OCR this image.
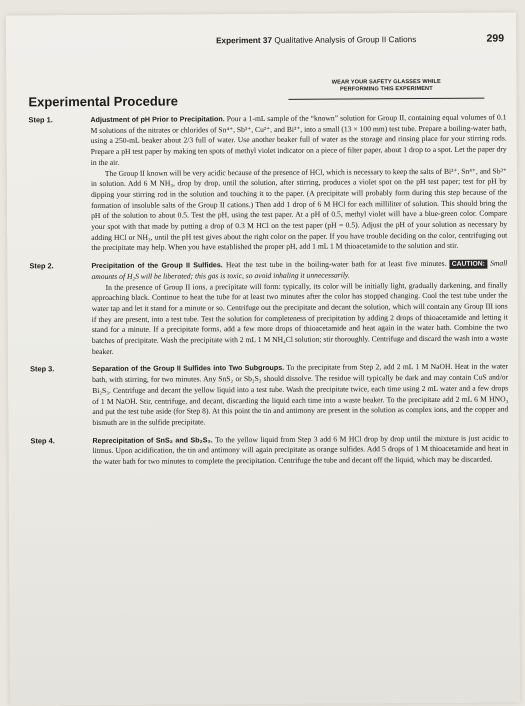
Experiment 37 Qualitative Analysis of Group II Cations	299
WEAR YOUR SAFETY GLASSES WHILE
PERFORMING THIS EXPERIMENT
Experimental Procedure
Step 1.	Adjustment of pH Prior to Precipitation. Pour a 1-mL sample of the “known” solution for Group II, containing equal volumes of 0.1 M solutions of the nitrates or chlorides of Sn⁴⁺, Sb³⁺, Cu²⁺, and Bi³⁺, into a small (13 × 100 mm) test tube. Prepare a boiling-water bath, using a 250-mL beaker about 2/3 full of water. Use another beaker full of water as the storage and rinsing place for your stirring rods. Prepare a pH test paper by making ten spots of methyl violet indicator on a piece of filter paper, about 1 drop to a spot. Let the paper dry in the air.

The Group II known will be very acidic because of the presence of HCl, which is necessary to keep the salts of Bi³⁺, Sn⁴⁺, and Sb³⁺ in solution. Add 6 M NH₃, drop by drop, until the solution, after stirring, produces a violet spot on the pH test paper; test for pH by dipping your stirring rod in the solution and touching it to the paper. (A precipitate will probably form during this step because of the formation of insoluble salts of the Group II cations.) Then add 1 drop of 6 M HCl for each milliliter of solution. This should bring the pH of the solution to about 0.5. Test the pH, using the test paper. At a pH of 0.5, methyl violet will have a blue-green color. Compare your spot with that made by putting a drop of 0.3 M HCl on the test paper (pH = 0.5). Adjust the pH of your solution as necessary by adding HCl or NH₃, until the pH test gives about the right color on the paper. If you have trouble deciding on the color, centrifuging out the precipitate may help. When you have established the proper pH, add 1 mL 1 M thioacetamide to the solution and stir.

Step 2.	Precipitation of the Group II Sulfides. Heat the test tube in the boiling-water bath for at least five minutes. CAUTION: Small amounts of H₂S will be liberated; this gas is toxic, so avoid inhaling it unnecessarily.

In the presence of Group II ions, a precipitate will form: typically, its color will be initially light, gradually darkening, and finally approaching black. Continue to heat the tube for at least two minutes after the color has stopped changing. Cool the test tube under the water tap and let it stand for a minute or so. Centrifuge out the precipitate and decant the solution, which will contain any Group III ions if they are present, into a test tube. Test the solution for completeness of precipitation by adding 2 drops of thioacetamide and letting it stand for a minute. If a precipitate forms, add a few more drops of thioacetamide and heat again in the water bath. Combine the two batches of precipitate. Wash the precipitate with 2 mL 1 M NH₄Cl solution; stir thoroughly. Centrifuge and discard the wash into a waste beaker.

Step 3.	Separation of the Group II Sulfides into Two Subgroups. To the precipitate from Step 2, add 2 mL 1 M NaOH. Heat in the water bath, with stirring, for two minutes. Any SnS₂ or Sb₂S₃ should dissolve. The residue will typically be dark and may contain CuS and/or Bi₂S₃. Centrifuge and decant the yellow liquid into a test tube. Wash the precipitate twice, each time using 2 mL water and a few drops of 1 M NaOH. Stir, centrifuge, and decant, discarding the liquid each time into a waste beaker. To the precipitate add 2 mL 6 M HNO₃ and put the test tube aside (for Step 8). At this point the tin and antimony are present in the solution as complex ions, and the copper and bismuth are in the sulfide precipitate.

Step 4.	Reprecipitation of SnS₂ and Sb₂S₃. To the yellow liquid from Step 3 add 6 M HCl drop by drop until the mixture is just acidic to litmus. Upon acidification, the tin and antimony will again precipitate as orange sulfides. Add 5 drops of 1 M thioacetamide and heat in the water bath for two minutes to complete the precipitation. Centrifuge the tube and decant off the liquid, which may be discarded.
